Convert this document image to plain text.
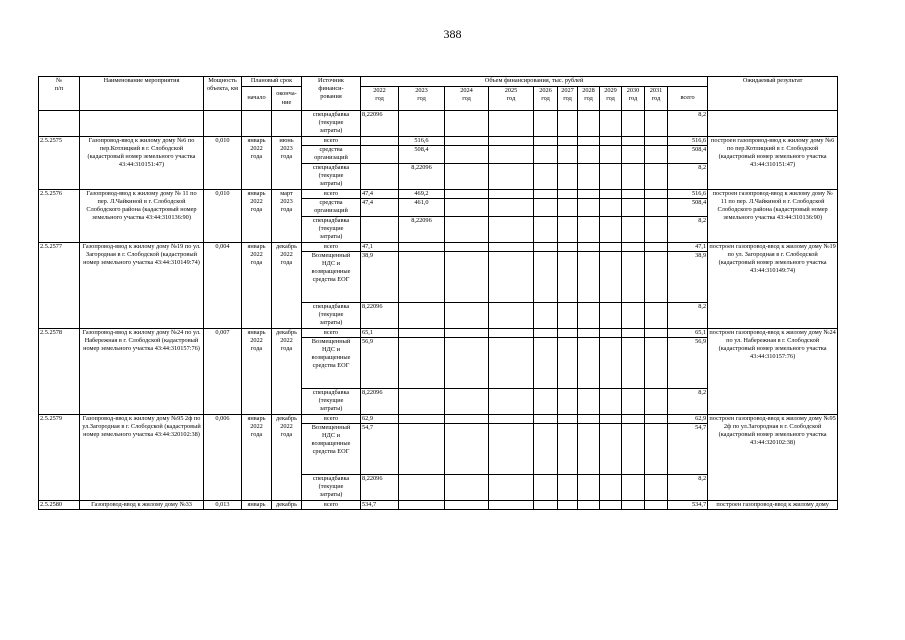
388
№
п/п	Наименование мероприятия	Мощность объекта, км	Плановый срок		Источник
финанси-
рования	Объем финансирования, тыс. рублей											Ожидаемый результат
			начало	оконча-
ние		2022
год	2023
год	2024
год	2025
год	2026
год	2027
год	2028
год	2029
год	2030
год	2031
год	всего	

					спецнадбавка
(текущие
затраты)	8,22096										8,2	
2.5.2575	Газопровод-ввод к жилому дому №6 по пер.Котлицкий в г. Слободской (кадастровый номер земельного участка 43:44:310151:47)	0,010	январь
2022
года	июнь
2023
года	всего		516,6									516,6	построен газопровод-ввод к жилому дому №6 по пер.Котлицкий в г. Слободской (кадастровый номер земельного участка 43:44:310151:47)
					средства
организаций		508,4									508,4	
					спецнадбавка
(текущие
затраты)		8,22096									8,2	
2.5.2576	Газопровод-ввод к жилому дому № 11 по пер. Л.Чайкиной в г. Слободской Слободского района (кадастровый номер земельного участка 43:44:310136:90)	0,010	январь
2022
года	март
2023
года	всего	47,4	469,2									516,6	построен газопровод-ввод к жилому дому № 11 по пер. Л.Чайкиной в г. Слободской Слободского района (кадастровый номер земельного участка 43:44:310136:90)
					средства
организаций	47,4	461,0									508,4	
					спецнадбавка
(текущие
затраты)		8,22096									8,2	
2.5.2577	Газопровод-ввод к жилому дому №19 по ул. Загородная в г. Слободской (кадастровый номер земельного участка 43:44:310149:74)	0,004	январь
2022
года	декабрь
2022
года	всего	47,1										47,1	построен газопровод-ввод к жилому дому №19 по ул. Загородная в г. Слободской (кадастровый номер земельного участка 43:44:310149:74)
					Возмещенный
НДС и
возвращенные
средства ЕОГ	38,9										38,9	
					спецнадбавка
(текущие
затраты)	8,22096										8,2	
2.5.2578	Газопровод-ввод к жилому дому №24 по ул. Набережная в г. Слободской (кадастровый номер земельного участка 43:44:310157:76)	0,007	январь
2022
года	декабрь
2022
года	всего	65,1										65,1	построен газопровод-ввод к жилому дому №24 по ул. Набережная в г. Слободской (кадастровый номер земельного участка 43:44:310157:76)
					Возмещенный
НДС и
возвращенные
средства ЕОГ	56,9										56,9	
					спецнадбавка
(текущие
затраты)	8,22096										8,2	
2.5.2579	Газопровод-ввод к жилому дому №95 2ф по ул.Загородная в г. Слободской (кадастровый номер земельного участка 43:44:320102:38)	0,006	январь
2022
года	декабрь
2022
года	всего	62,9										62,9	построен газопровод-ввод к жилому дому №95 2ф по ул.Загородная в г. Слободской (кадастровый номер земельного участка 43:44:320102:38)
					Возмещенный
НДС и
возвращенные
средства ЕОГ	54,7										54,7	
					спецнадбавка
(текущие
затраты)	8,22096										8,2	
2.5.2580	Газопровод-ввод к жилому дому №33	0,013	январь	декабрь	всего	534,7										534,7	построен газопровод-ввод к жилому дому
